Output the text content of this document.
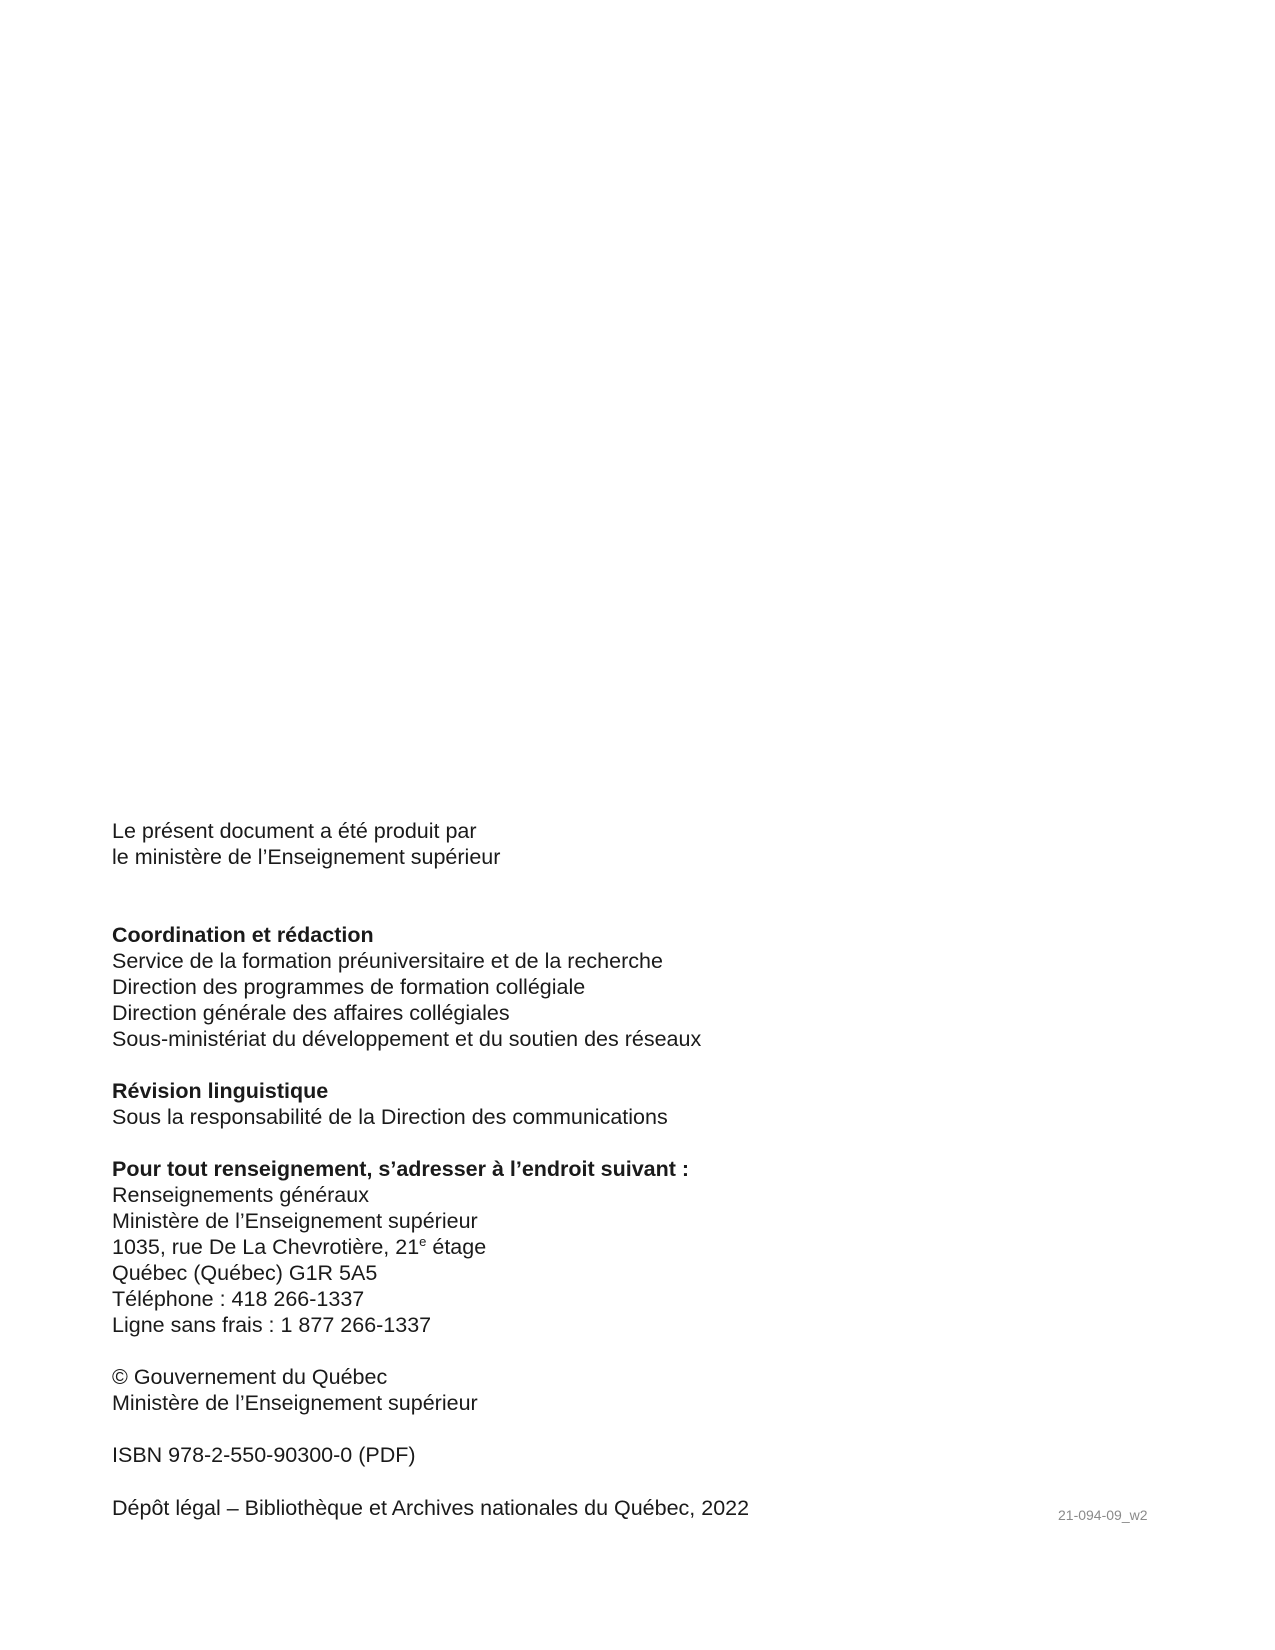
Le présent document a été produit par

le ministère de l’Enseignement supérieur

Coordination et rédaction

Service de la formation préuniversitaire et de la recherche

Direction des programmes de formation collégiale

Direction générale des affaires collégiales

Sous-ministériat du développement et du soutien des réseaux

Révision linguistique

Sous la responsabilité de la Direction des communications

Pour tout renseignement, s’adresser à l’endroit suivant :

Renseignements généraux

Ministère de l’Enseignement supérieur

1035, rue De La Chevrotière, 21e étage

Québec (Québec) G1R 5A5

Téléphone : 418 266-1337

Ligne sans frais : 1 877 266-1337

© Gouvernement du Québec

Ministère de l’Enseignement supérieur

ISBN 978-2-550-90300-0 (PDF)

Dépôt légal – Bibliothèque et Archives nationales du Québec, 2022	21-094-09_w2
